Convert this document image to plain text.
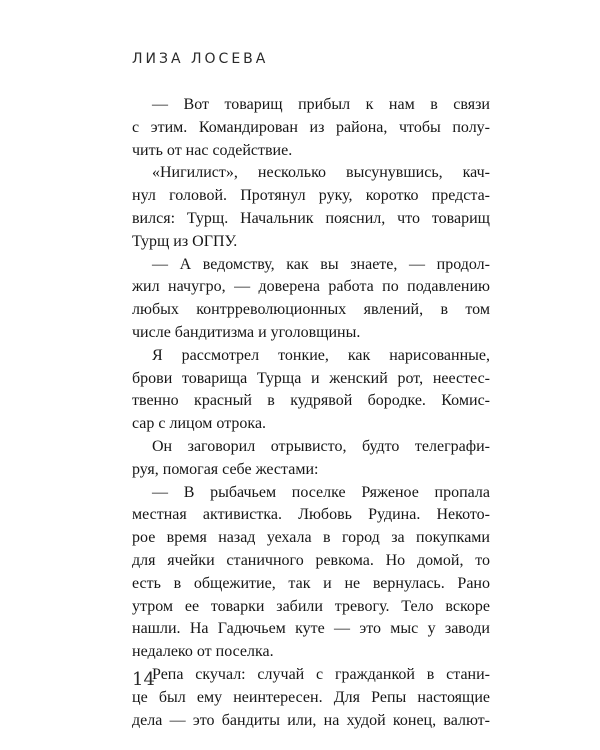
ЛИЗА ЛОСЕВА
— Вот товарищ прибыл к нам в связи
с этим. Командирован из района, чтобы полу-
чить от нас содействие.
«Нигилист», несколько высунувшись, кач-
нул головой. Протянул руку, коротко предста-
вился: Турщ. Начальник пояснил, что товарищ
Турщ из ОГПУ.
— А ведомству, как вы знаете, — продол-
жил начугро, — доверена работа по подавлению
любых контрреволюционных явлений, в том
числе бандитизма и уголовщины.
Я рассмотрел тонкие, как нарисованные,
брови товарища Турща и женский рот, неестес-
твенно красный в кудрявой бородке. Комис-
сар с лицом отрока.
Он заговорил отрывисто, будто телеграфи-
руя, помогая себе жестами:
— В рыбачьем поселке Ряженое пропала
местная активистка. Любовь Рудина. Некото-
рое время назад уехала в город за покупками
для ячейки станичного ревкома. Но домой, то
есть в общежитие, так и не вернулась. Рано
утром ее товарки забили тревогу. Тело вскоре
нашли. На Гадючьем куте — это мыс у заводи
недалеко от поселка.
Репа скучал: случай с гражданкой в стани-
це был ему неинтересен. Для Репы настоящие
дела — это бандиты или, на худой конец, валют-
14
